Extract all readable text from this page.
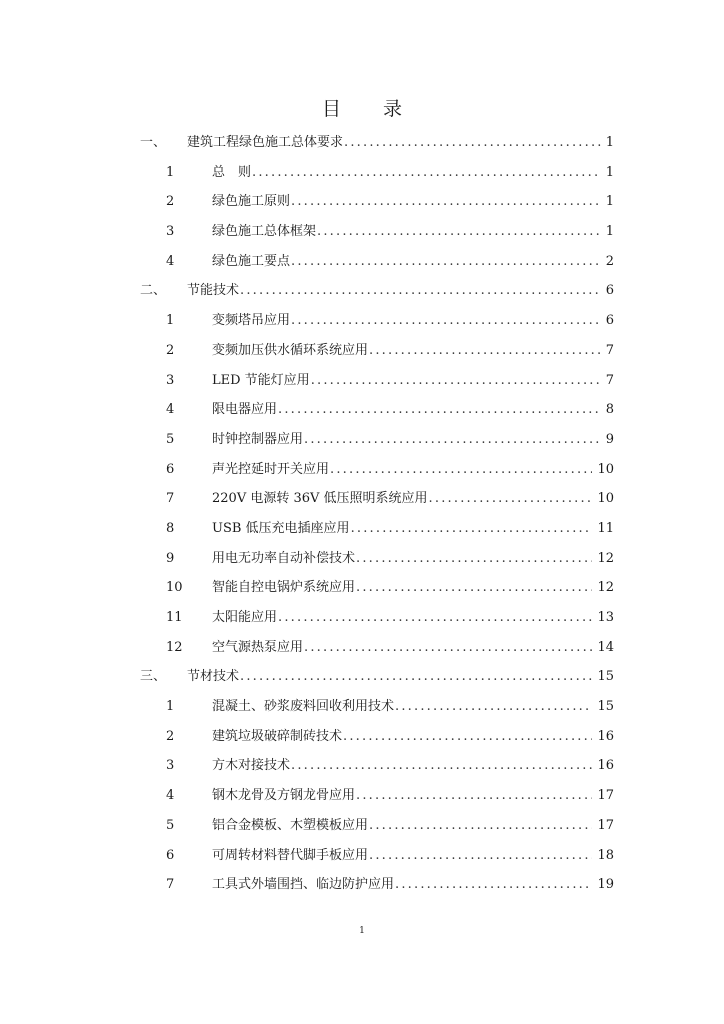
目 录
一、	建筑工程绿色施工总体要求 .....	1
1	总　则 .....	1
2	绿色施工原则 .....	1
3	绿色施工总体框架 .....	1
4	绿色施工要点 .....	2
二、	节能技术 .....	6
1	变频塔吊应用 .....	6
2	变频加压供水循环系统应用 .....	7
3	LED 节能灯应用 .....	7
4	限电器应用 .....	8
5	时钟控制器应用 .....	9
6	声光控延时开关应用 .....	10
7	220V 电源转 36V 低压照明系统应用 .....	10
8	USB 低压充电插座应用 .....	11
9	用电无功率自动补偿技术 .....	12
10	智能自控电锅炉系统应用 .....	12
11	太阳能应用 .....	13
12	空气源热泵应用 .....	14
三、	节材技术 .....	15
1	混凝土、砂浆废料回收利用技术 .....	15
2	建筑垃圾破碎制砖技术 .....	16
3	方木对接技术 .....	16
4	钢木龙骨及方钢龙骨应用 .....	17
5	铝合金模板、木塑模板应用 .....	17
6	可周转材料替代脚手板应用 .....	18
7	工具式外墙围挡、临边防护应用 .....	19
1
